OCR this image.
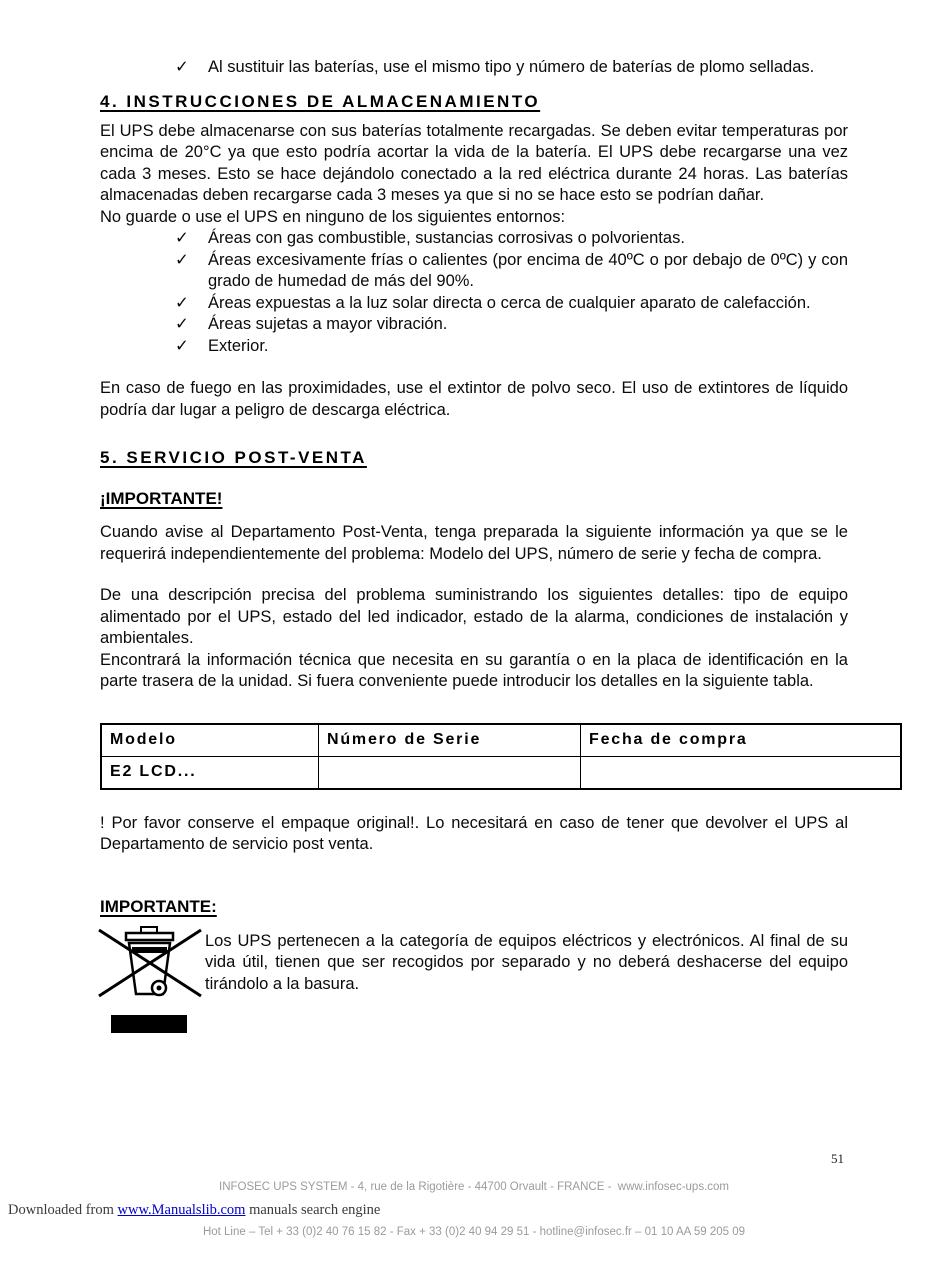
✓	Al sustituir las baterías, use el mismo tipo y número de baterías de plomo selladas.
4. INSTRUCCIONES DE ALMACENAMIENTO

El UPS debe almacenarse con sus baterías totalmente recargadas. Se deben evitar temperaturas por encima de 20°C ya que esto podría acortar la vida de la batería. El UPS debe recargarse una vez cada 3 meses. Esto se hace dejándolo conectado a la red eléctrica durante 24 horas. Las baterías almacenadas deben recargarse cada 3 meses ya que si no se hace esto se podrían dañar.

No guarde o use el UPS en ninguno de los siguientes entornos:

✓	Áreas con gas combustible, sustancias corrosivas o polvorientas.
✓	Áreas excesivamente frías o calientes (por encima de 40ºC o por debajo de 0ºC) y con grado de humedad de más del 90%.
✓	Áreas expuestas a la luz solar directa o cerca de cualquier aparato de calefacción.
✓	Áreas sujetas a mayor vibración.
✓	Exterior.

En caso de fuego en las proximidades, use el extintor de polvo seco. El uso de extintores de líquido podría dar lugar a peligro de descarga eléctrica.

5. SERVICIO POST-VENTA
¡IMPORTANTE!

Cuando avise al Departamento Post-Venta, tenga preparada la siguiente información ya que se le requerirá independientemente del problema: Modelo del UPS, número de serie y fecha de compra.

De una descripción precisa del problema suministrando los siguientes detalles: tipo de equipo alimentado por el UPS, estado del led indicador, estado de la alarma, condiciones de instalación y ambientales.

Encontrará la información técnica que necesita en su garantía o en la placa de identificación en la parte trasera de la unidad. Si fuera conveniente puede introducir los detalles en la siguiente tabla.

Modelo	Número de Serie	Fecha de compra
E2 LCD...		

! Por favor conserve el empaque original!. Lo necesitará en caso de tener que devolver el UPS al Departamento de servicio post venta.

IMPORTANTE:

Los UPS pertenecen a la categoría de equipos eléctricos y electrónicos. Al final de su vida útil, tienen que ser recogidos por separado y no deberá deshacerse del equipo tirándolo a la basura.

INFOSEC UPS SYSTEM - 4, rue de la Rigotière - 44700 Orvault - FRANCE -  www.infosec-ups.com

Hot Line – Tel + 33 (0)2 40 76 15 82 - Fax + 33 (0)2 40 94 29 51 - hotline@infosec.fr – 01 10 AA 59 205 09

51
Downloaded from www.Manualslib.com manuals search engine
